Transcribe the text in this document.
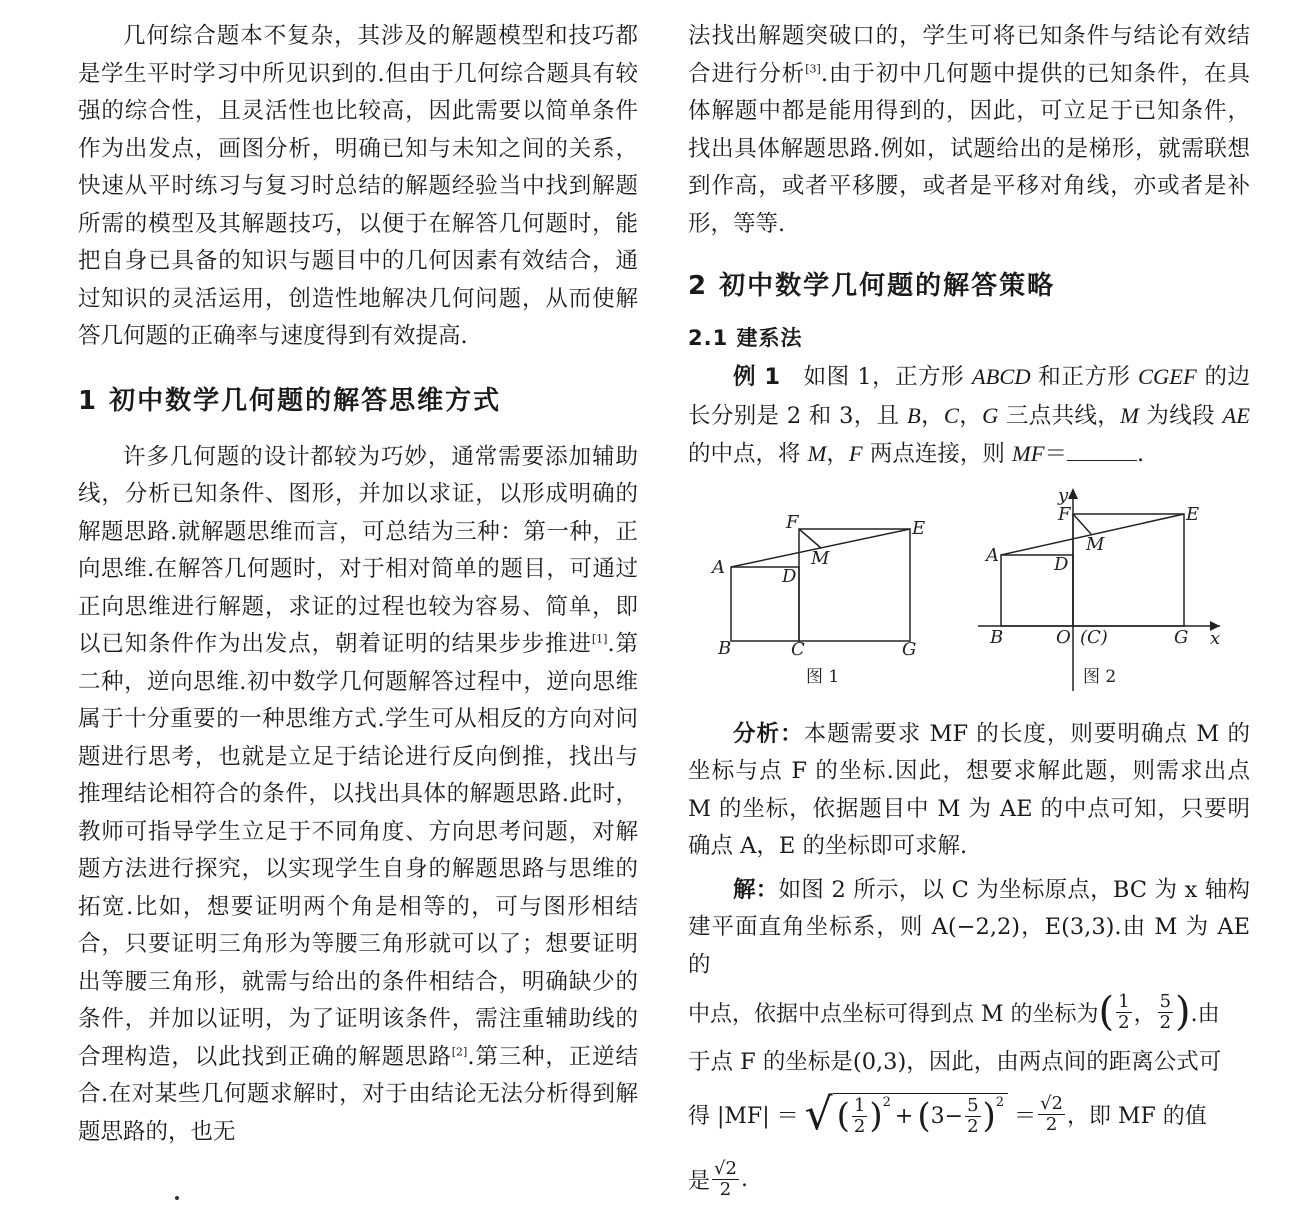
几何综合题本不复杂，其涉及的解题模型和技巧都是学生平时学习中所见识到的.但由于几何综合题具有较强的综合性，且灵活性也比较高，因此需要以简单条件作为出发点，画图分析，明确已知与未知之间的关系，快速从平时练习与复习时总结的解题经验当中找到解题所需的模型及其解题技巧，以便于在解答几何题时，能把自身已具备的知识与题目中的几何因素有效结合，通过知识的灵活运用，创造性地解决几何问题，从而使解答几何题的正确率与速度得到有效提高.

1 初中数学几何题的解答思维方式

许多几何题的设计都较为巧妙，通常需要添加辅助线，分析已知条件、图形，并加以求证，以形成明确的解题思路.就解题思维而言，可总结为三种：第一种，正向思维.在解答几何题时，对于相对简单的题目，可通过正向思维进行解题，求证的过程也较为容易、简单，即以已知条件作为出发点，朝着证明的结果步步推进[1].第二种，逆向思维.初中数学几何题解答过程中，逆向思维属于十分重要的一种思维方式.学生可从相反的方向对问题进行思考，也就是立足于结论进行反向倒推，找出与推理结论相符合的条件，以找出具体的解题思路.此时，教师可指导学生立足于不同角度、方向思考问题，对解题方法进行探究，以实现学生自身的解题思路与思维的拓宽.比如，想要证明两个角是相等的，可与图形相结合，只要证明三角形为等腰三角形就可以了；想要证明出等腰三角形，就需与给出的条件相结合，明确缺少的条件，并加以证明，为了证明该条件，需注重辅助线的合理构造，以此找到正确的解题思路[2].第三种，正逆结合.在对某些几何题求解时，对于由结论无法分析得到解题思路的，也无

法找出解题突破口的，学生可将已知条件与结论有效结合进行分析[3].由于初中几何题中提供的已知条件，在具体解题中都是能用得到的，因此，可立足于已知条件，找出具体解题思路.例如，试题给出的是梯形，就需联想到作高，或者平移腰，或者是平移对角线，亦或者是补形，等等.

2 初中数学几何题的解答策略
2.1 建系法

例 1　 如图 1，正方形 ABCD 和正方形 CGEF 的边长分别是 2 和 3，且 B，C，G 三点共线，M 为线段 AE 的中点，将 M，F 两点连接，则 MF＝	.

A
B	C
D
E
F
G
M	A
B
D
E
F
G
M
O (C)	x
y
图 1	图 2

分析：本题需要求 MF 的长度，则要明确点 M 的坐标与点 F 的坐标.因此，想要求解此题，则需求出点 M 的坐标，依据题目中 M 为 AE 的中点可知，只要明确点 A，E 的坐标即可求解.

解：如图 2 所示，以 C 为坐标原点，BC 为 x 轴构建平面直角坐标系，则 A(−2,2)，E(3,3).由 M 为 AE 的

中点，依据中点坐标可得到点 M 的坐标为 ( $\frac{1}{2}$ ， $\frac{5}{2}$ ) .由

于点 F 的坐标是(0,3)，因此，由两点间的距离公式可

得 |MF| ＝ √ ( $\frac{1}{2}$ ) 2
+ ( $3- \frac{5}{2}$ ) 2
＝ $\frac{√2}{2}$ ，即 MF 的值
是 $\frac{√2}{2}$ .
